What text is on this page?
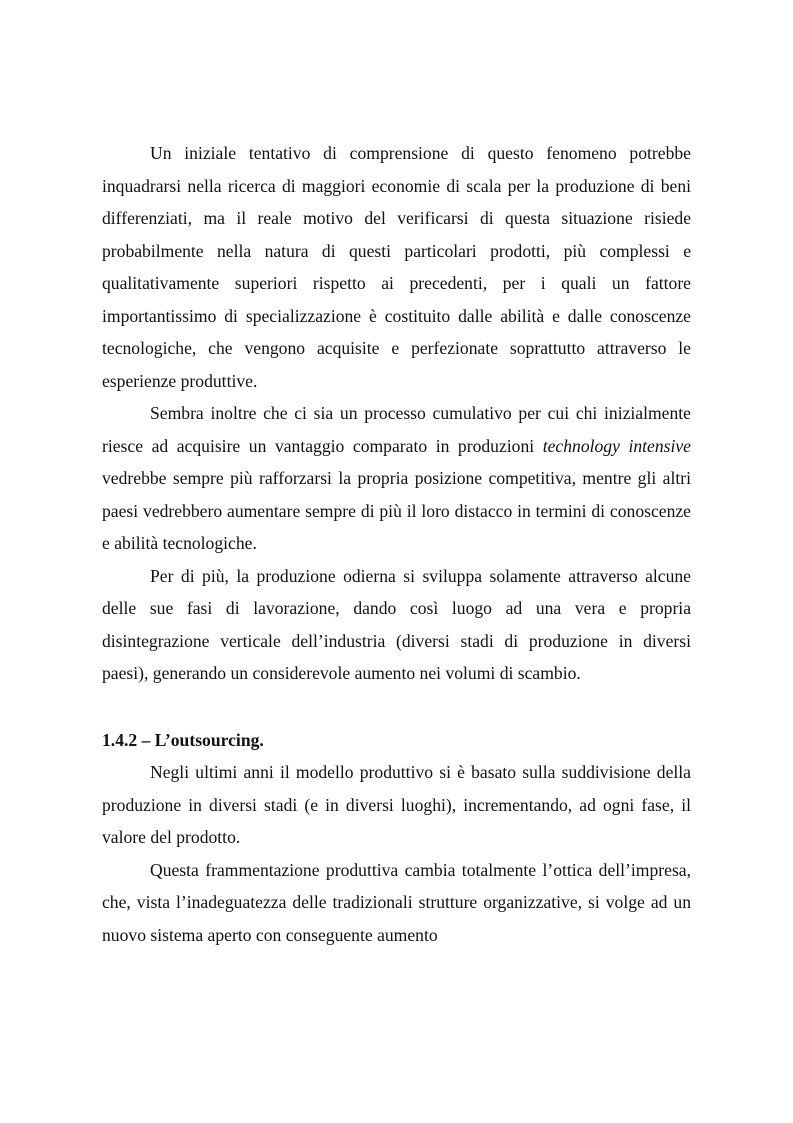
Un iniziale tentativo di comprensione di questo fenomeno potrebbe inquadrarsi nella ricerca di maggiori economie di scala per la produzione di beni differenziati, ma il reale motivo del verificarsi di questa situazione risiede probabilmente nella natura di questi particolari prodotti, più complessi e qualitativamente superiori rispetto ai precedenti, per i quali un fattore importantissimo di specializzazione è costituito dalle abilità e dalle conoscenze tecnologiche, che vengono acquisite e perfezionate soprattutto attraverso le esperienze produttive.

Sembra inoltre che ci sia un processo cumulativo per cui chi inizialmente riesce ad acquisire un vantaggio comparato in produzioni technology intensive vedrebbe sempre più rafforzarsi la propria posizione competitiva, mentre gli altri paesi vedrebbero aumentare sempre di più il loro distacco in termini di conoscenze e abilità tecnologiche.

Per di più, la produzione odierna si sviluppa solamente attraverso alcune delle sue fasi di lavorazione, dando così luogo ad una vera e propria disintegrazione verticale dell’industria (diversi stadi di produzione in diversi paesi), generando un considerevole aumento nei volumi di scambio.

1.4.2 – L’outsourcing.

Negli ultimi anni il modello produttivo si è basato sulla suddivisione della produzione in diversi stadi (e in diversi luoghi), incrementando, ad ogni fase, il valore del prodotto.

Questa frammentazione produttiva cambia totalmente l’ottica dell’impresa, che, vista l’inadeguatezza delle tradizionali strutture organizzative, si volge ad un nuovo sistema aperto con conseguente aumento
